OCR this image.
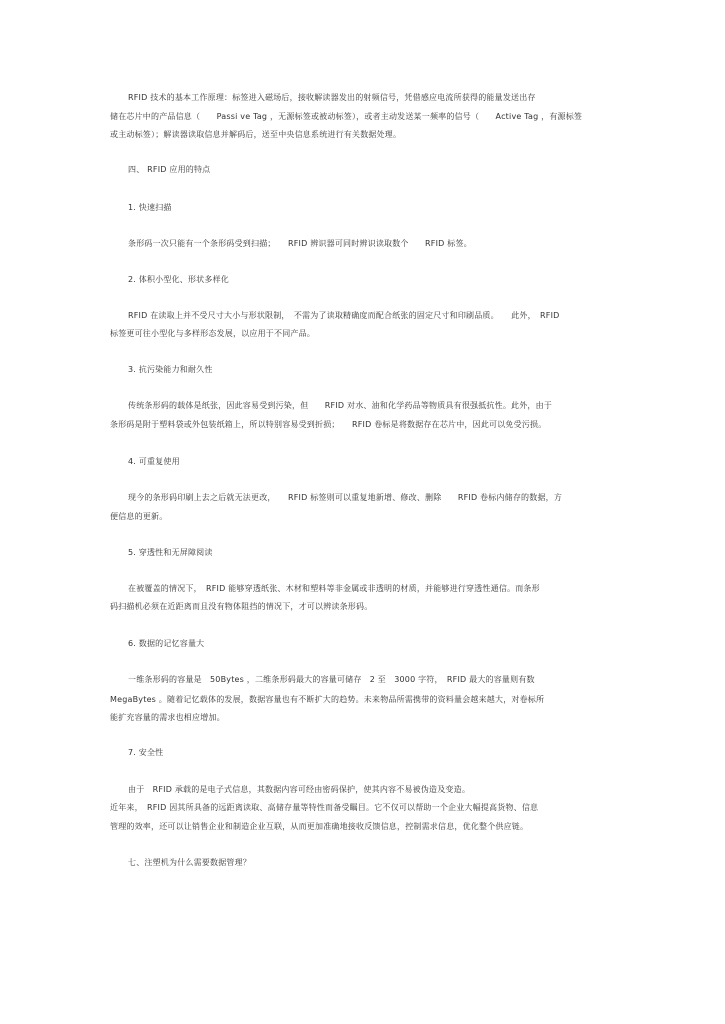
RFID 技术的基本工作原理：标签进入磁场后，接收解读器发出的射频信号，凭借感应电流所获得的能量发送出存
储在芯片中的产品信息（　　Passi ve Tag ，无源标签或被动标签），或者主动发送某一频率的信号（　　Active Tag ，有源标签
或主动标签）；解读器读取信息并解码后，送至中央信息系统进行有关数据处理。
四、 RFID 应用的特点
1. 快速扫描
条形码一次只能有一个条形码受到扫描；　　RFID 辨识器可同时辨识读取数个　　RFID 标签。
2. 体积小型化、形状多样化
RFID 在读取上并不受尺寸大小与形状限制，　不需为了读取精确度而配合纸张的固定尺寸和印刷品质。　　此外，　RFID
标签更可往小型化与多样形态发展，以应用于不同产品。
3. 抗污染能力和耐久性
传统条形码的载体是纸张，因此容易受到污染，但　　RFID 对水、油和化学药品等物质具有很强抵抗性。此外，由于
条形码是附于塑料袋或外包装纸箱上，所以特别容易受到折损；　　RFID 卷标是将数据存在芯片中，因此可以免受污损。
4. 可重复使用
现今的条形码印刷上去之后就无法更改，　　RFID 标签则可以重复地新增、修改、删除　　RFID 卷标内储存的数据，方
便信息的更新。
5. 穿透性和无屏障阅读
在被覆盖的情况下，　RFID 能够穿透纸张、木材和塑料等非金属或非透明的材质，并能够进行穿透性通信。而条形
码扫描机必须在近距离而且没有物体阻挡的情况下，才可以辨读条形码。
6. 数据的记忆容量大
一维条形码的容量是　50Bytes ，二维条形码最大的容量可储存　2 至　3000 字符，　RFID 最大的容量则有数
MegaBytes 。随着记忆载体的发展，数据容量也有不断扩大的趋势。未来物品所需携带的资料量会越来越大，对卷标所
能扩充容量的需求也相应增加。
7. 安全性
由于　RFID 承载的是电子式信息，其数据内容可经由密码保护，使其内容不易被伪造及变造。
近年来，　RFID 因其所具备的远距离读取、高储存量等特性而备受瞩目。它不仅可以帮助一个企业大幅提高货物、信息
管理的效率，还可以让销售企业和制造企业互联，从而更加准确地接收反馈信息，控制需求信息，优化整个供应链。
七、注塑机为什么需要数据管理？
